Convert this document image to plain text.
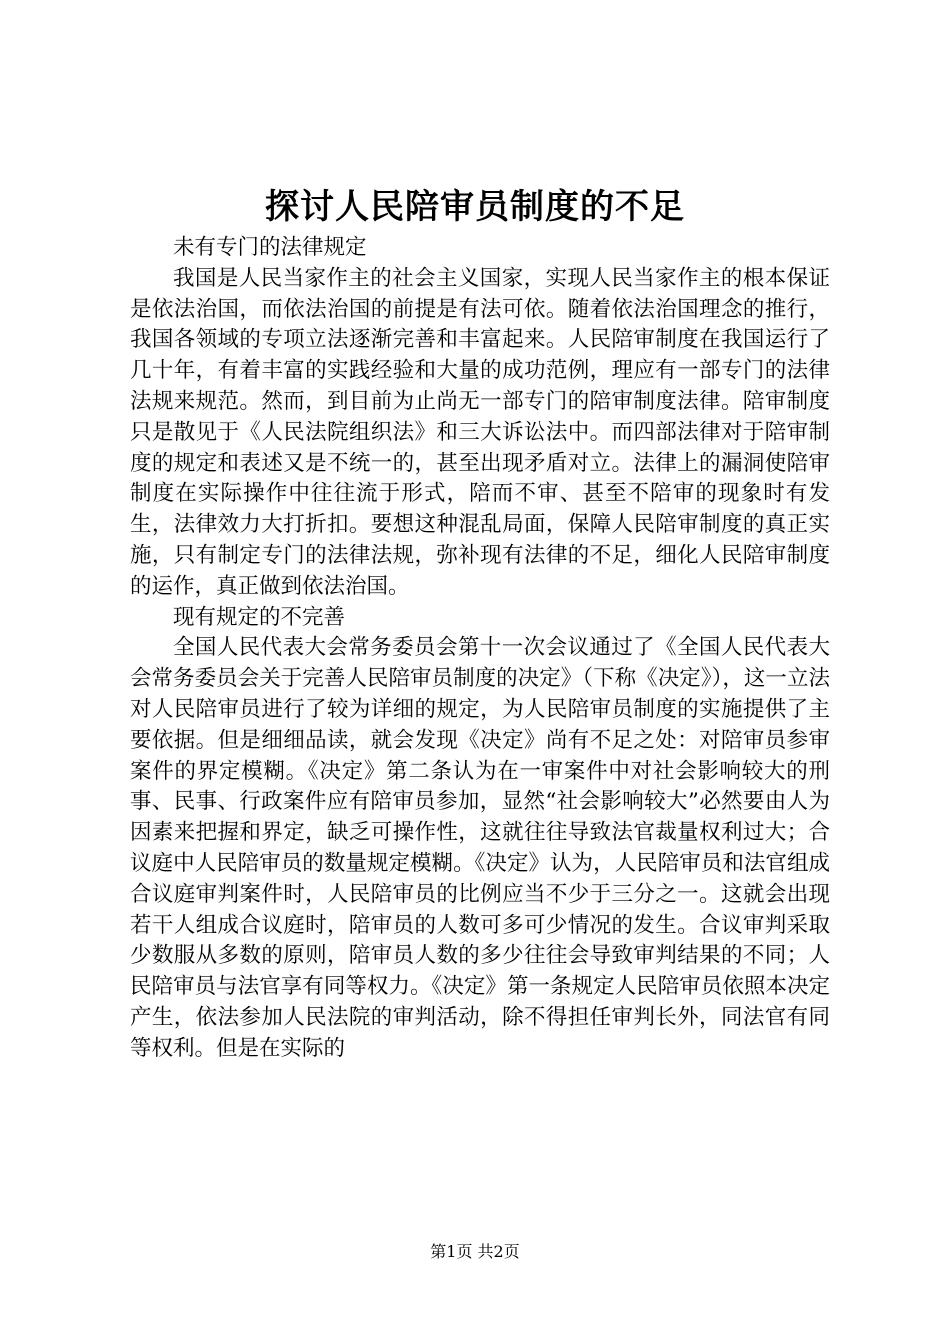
探讨人民陪审员制度的不足

未有专门的法律规定

我国是人民当家作主的社会主义国家，实现人民当家作主的根本保证是依法治国，而依法治国的前提是有法可依。随着依法治国理念的推行，我国各领域的专项立法逐渐完善和丰富起来。人民陪审制度在我国运行了几十年，有着丰富的实践经验和大量的成功范例，理应有一部专门的法律法规来规范。然而，到目前为止尚无一部专门的陪审制度法律。陪审制度只是散见于《人民法院组织法》和三大诉讼法中。而四部法律对于陪审制度的规定和表述又是不统一的，甚至出现矛盾对立。法律上的漏洞使陪审制度在实际操作中往往流于形式，陪而不审、甚至不陪审的现象时有发生，法律效力大打折扣。要想这种混乱局面，保障人民陪审制度的真正实施，只有制定专门的法律法规，弥补现有法律的不足，细化人民陪审制度的运作，真正做到依法治国。

现有规定的不完善

全国人民代表大会常务委员会第十一次会议通过了《全国人民代表大会常务委员会关于完善人民陪审员制度的决定》（下称《决定》），这一立法对人民陪审员进行了较为详细的规定，为人民陪审员制度的实施提供了主要依据。但是细细品读，就会发现《决定》尚有不足之处：对陪审员参审案件的界定模糊。《决定》第二条认为在一审案件中对社会影响较大的刑事、民事、行政案件应有陪审员参加，显然“社会影响较大”必然要由人为因素来把握和界定，缺乏可操作性，这就往往导致法官裁量权利过大；合议庭中人民陪审员的数量规定模糊。《决定》认为，人民陪审员和法官组成合议庭审判案件时，人民陪审员的比例应当不少于三分之一。这就会出现若干人组成合议庭时，陪审员的人数可多可少情况的发生。合议审判采取少数服从多数的原则，陪审员人数的多少往往会导致审判结果的不同；人民陪审员与法官享有同等权力。《决定》第一条规定人民陪审员依照本决定产生，依法参加人民法院的审判活动，除不得担任审判长外，同法官有同等权利。但是在实际的

第1页 共2页
